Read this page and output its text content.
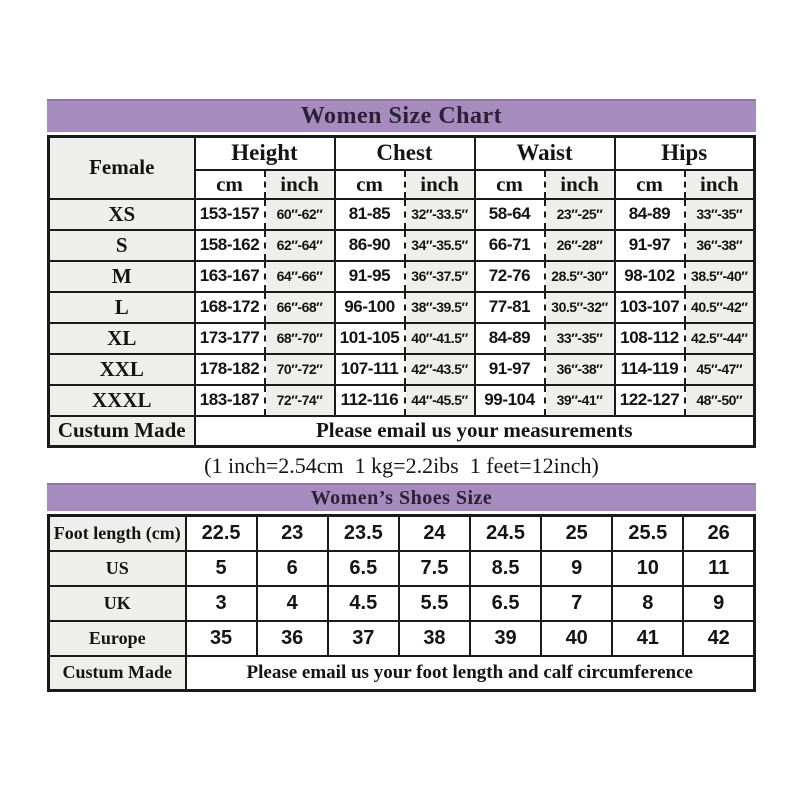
Women Size Chart
Female	Height		Chest		Waist		Hips	
	cm	inch	cm	inch	cm	inch	cm	inch
XS	153-157	60″-62″	81-85	32″-33.5″	58-64	23″-25″	84-89	33″-35″
S	158-162	62″-64″	86-90	34″-35.5″	66-71	26″-28″	91-97	36″-38″
M	163-167	64″-66″	91-95	36″-37.5″	72-76	28.5″-30″	98-102	38.5″-40″
L	168-172	66″-68″	96-100	38″-39.5″	77-81	30.5″-32″	103-107	40.5″-42″
XL	173-177	68″-70″	101-105	40″-41.5″	84-89	33″-35″	108-112	42.5″-44″
XXL	178-182	70″-72″	107-111	42″-43.5″	91-97	36″-38″	114-119	45″-47″
XXXL	183-187	72″-74″	112-116	44″-45.5″	99-104	39″-41″	122-127	48″-50″
Custum Made	Please email us your measurements							
(1 inch=2.54cm  1 kg=2.2ibs  1 feet=12inch)
Women’s Shoes Size
Foot length (cm)	22.5	23	23.5	24	24.5	25	25.5	26
US	5	6	6.5	7.5	8.5	9	10	11
UK	3	4	4.5	5.5	6.5	7	8	9
Europe	35	36	37	38	39	40	41	42
Custum Made	Please email us your foot length and calf circumference							
